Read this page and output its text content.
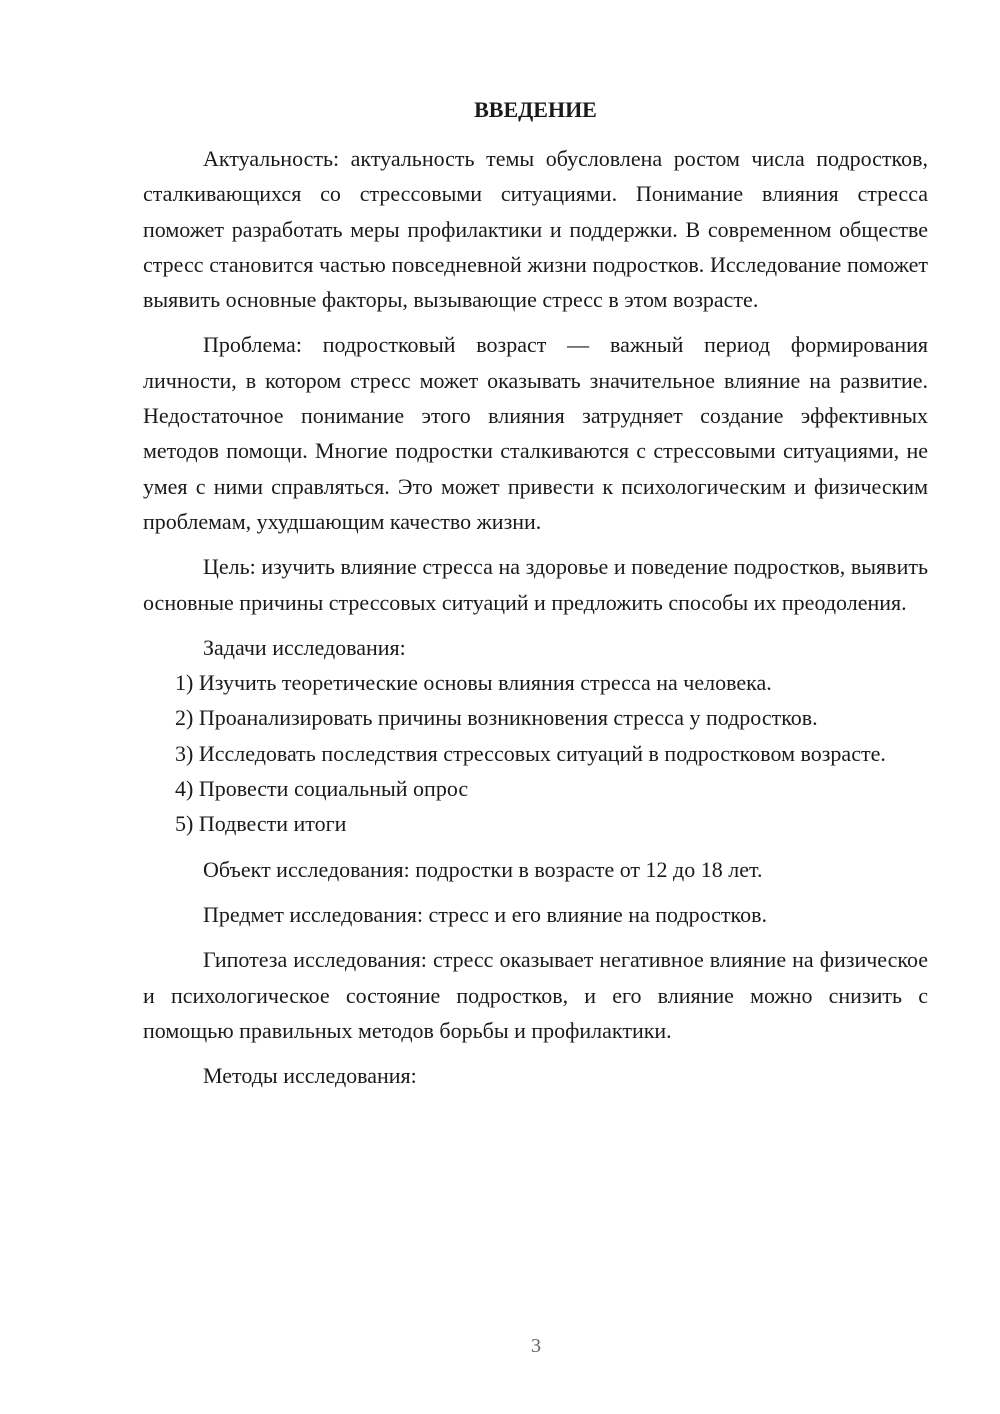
ВВЕДЕНИЕ

Актуальность: актуальность темы обусловлена ростом числа подростков, сталкивающихся со стрессовыми ситуациями. Понимание влияния стресса поможет разработать меры профилактики и поддержки. В современном обществе стресс становится частью повседневной жизни подростков. Исследование поможет выявить основные факторы, вызывающие стресс в этом возрасте.

Проблема: подростковый возраст — важный период формирования личности, в котором стресс может оказывать значительное влияние на развитие. Недостаточное понимание этого влияния затрудняет создание эффективных методов помощи. Многие подростки сталкиваются с стрессовыми ситуациями, не умея с ними справляться. Это может привести к психологическим и физическим проблемам, ухудшающим качество жизни.

Цель: изучить влияние стресса на здоровье и поведение подростков, выявить основные причины стрессовых ситуаций и предложить способы их преодоления.

Задачи исследования:

1) Изучить теоретические основы влияния стресса на человека.

2) Проанализировать причины возникновения стресса у подростков.

3) Исследовать последствия стрессовых ситуаций в подростковом возрасте.

4) Провести социальный опрос

5) Подвести итоги

Объект исследования: подростки в возрасте от 12 до 18 лет.

Предмет исследования: стресс и его влияние на подростков.

Гипотеза исследования: стресс оказывает негативное влияние на физическое и психологическое состояние подростков, и его влияние можно снизить с помощью правильных методов борьбы и профилактики.

Методы исследования:

3
